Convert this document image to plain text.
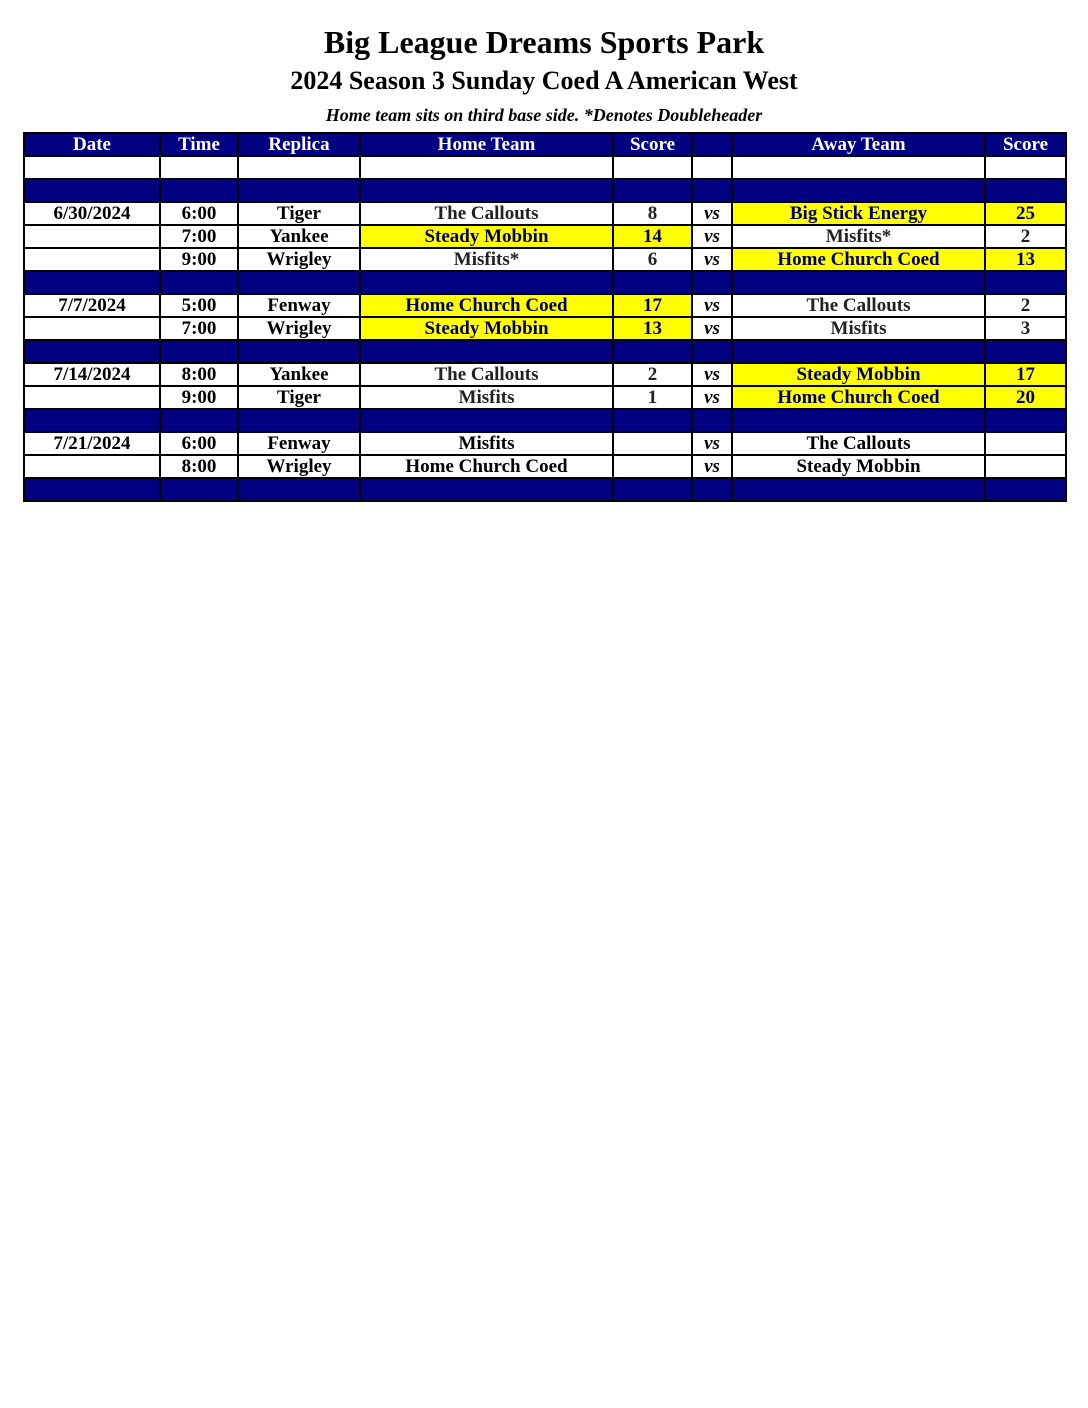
Big League Dreams Sports Park
2024 Season 3 Sunday Coed A American West
Home team sits on third base side. *Denotes Doubleheader
Date	Time	Replica	Home Team	Score		Away Team	Score

6/30/2024	6:00	Tiger	The Callouts	8	vs	Big Stick Energy	25
	7:00	Yankee	Steady Mobbin	14	vs	Misfits*	2
	9:00	Wrigley	Misfits*	6	vs	Home Church Coed	13

7/7/2024	5:00	Fenway	Home Church Coed	17	vs	The Callouts	2
	7:00	Wrigley	Steady Mobbin	13	vs	Misfits	3

7/14/2024	8:00	Yankee	The Callouts	2	vs	Steady Mobbin	17
	9:00	Tiger	Misfits	1	vs	Home Church Coed	20

7/21/2024	6:00	Fenway	Misfits		vs	The Callouts	
	8:00	Wrigley	Home Church Coed		vs	Steady Mobbin	
